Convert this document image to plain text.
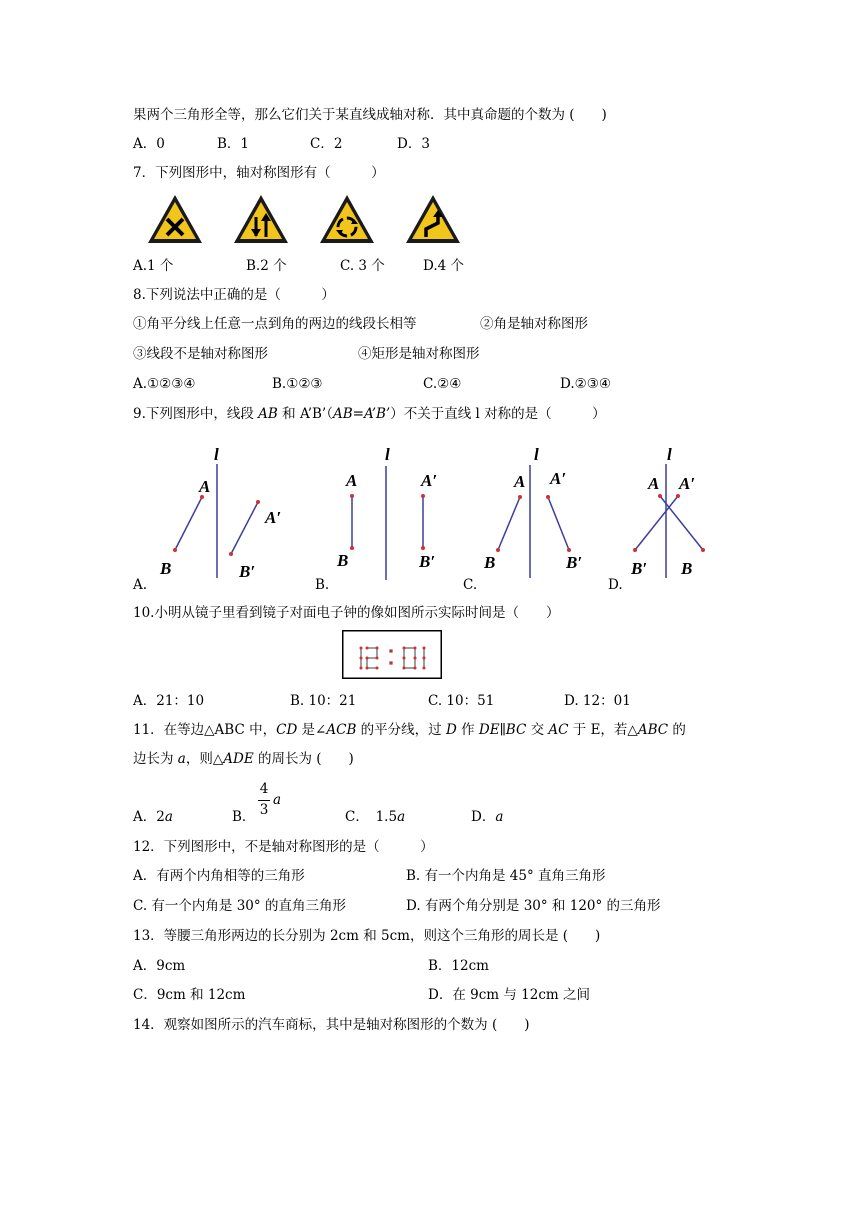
果两个三角形全等，那么它们关于某直线成轴对称．其中真命题的个数为 (　　)
A．0	B．1	C．2	D．3
7．下列图形中，轴对称图形有（　　　）
A.1 个	B.2 个	C. 3 个	D.4 个
8.下列说法中正确的是（　　　）
①角平分线上任意一点到角的两边的线段长相等	②角是轴对称图形
③线段不是轴对称图形	④矩形是轴对称图形
A.①②③④	B.①②③	C.②④	D.②③④
9.下列图形中，线段 AB 和 A’B’（AB=A’B’）不关于直线 l 对称的是（　　　）
l
A
B
A′
B′
l
A
B
A′
B′
l
A
B
A′
B′
l
A
B′
A′
B
A.	B.	C.	D.
10.小明从镜子里看到镜子对面电子钟的像如图所示实际时间是（　　）
A．21：10	B. 10：21	C. 10：51	D. 12：01
11．在等边△ABC 中，CD 是∠ACB 的平分线，过 D 作 DE∥BC 交 AC 于 E，若△ABC 的
边长为 a，则△ADE 的周长为 (　　)
A．2a	B．
4
3
a
C．　1.5a	D．a
12．下列图形中，不是轴对称图形的是（　　　）
A．有两个内角相等的三角形	B. 有一个内角是 45° 直角三角形
C. 有一个内角是 30° 的直角三角形	D. 有两个角分别是 30° 和 120° 的三角形
13．等腰三角形两边的长分别为 2cm 和 5cm，则这个三角形的周长是 (　　)
A．9cm	B．12cm
C．9cm 和 12cm	D．在 9cm 与 12cm 之间
14．观察如图所示的汽车商标，其中是轴对称图形的个数为 (　　)
